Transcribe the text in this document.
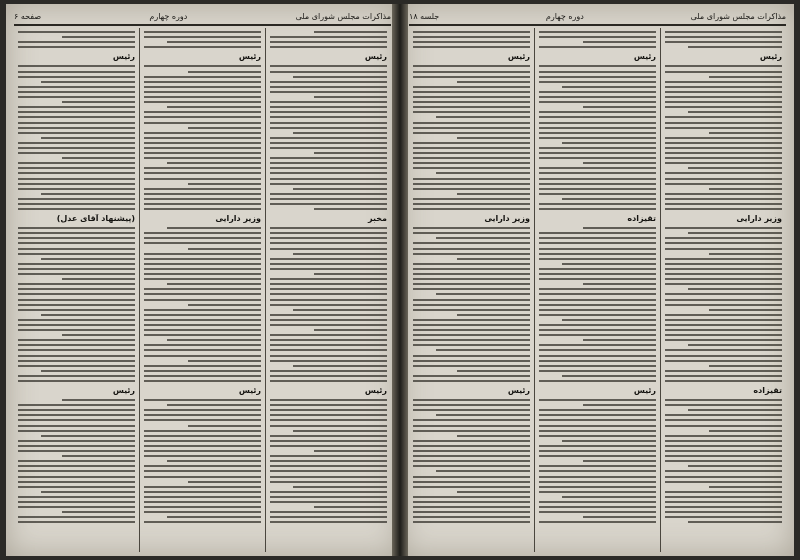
مذاکرات مجلس شورای ملی
دوره چهارم
صفحه ۶
رئیس
مخبر
رئیس
رئیس
وزیر دارایی
رئیس
رئیس
(پیشنهاد آقای عدل)
رئیس
مذاکرات مجلس شورای ملی
دوره چهارم
جلسه ۱۸
رئیس
وزیر دارایی
تقیزاده
رئیس
تقیزاده
رئیس
رئیس
وزیر دارایی
رئیس
